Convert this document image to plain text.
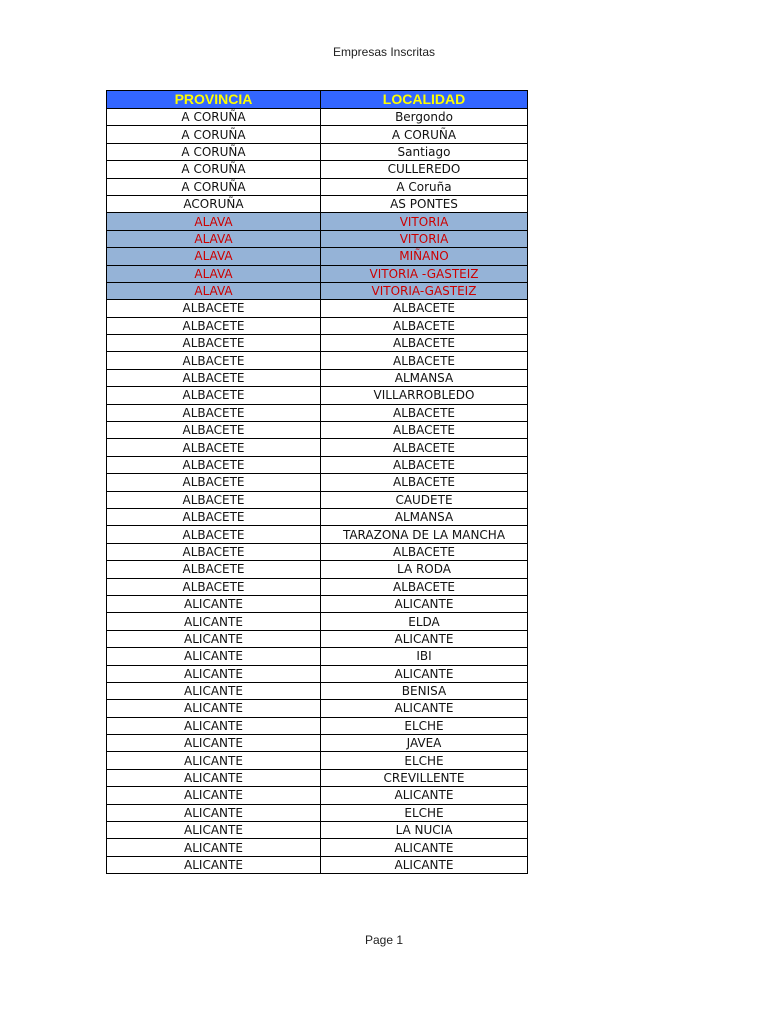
Empresas Inscritas
PROVINCIA	LOCALIDAD
A CORUÑA	Bergondo
A CORUÑA	A CORUÑA
A CORUÑA	Santiago
A CORUÑA	CULLEREDO
A CORUÑA	A Coruña
ACORUÑA	AS PONTES
ALAVA	VITORIA
ALAVA	VITORIA
ALAVA	MIÑANO
ALAVA	VITORIA -GASTEIZ
ALAVA	VITORIA-GASTEIZ
ALBACETE	ALBACETE
ALBACETE	ALBACETE
ALBACETE	ALBACETE
ALBACETE	ALBACETE
ALBACETE	ALMANSA
ALBACETE	VILLARROBLEDO
ALBACETE	ALBACETE
ALBACETE	ALBACETE
ALBACETE	ALBACETE
ALBACETE	ALBACETE
ALBACETE	ALBACETE
ALBACETE	CAUDETE
ALBACETE	ALMANSA
ALBACETE	TARAZONA DE LA MANCHA
ALBACETE	ALBACETE
ALBACETE	LA RODA
ALBACETE	ALBACETE
ALICANTE	ALICANTE
ALICANTE	ELDA
ALICANTE	ALICANTE
ALICANTE	IBI
ALICANTE	ALICANTE
ALICANTE	BENISA
ALICANTE	ALICANTE
ALICANTE	ELCHE
ALICANTE	JAVEA
ALICANTE	ELCHE
ALICANTE	CREVILLENTE
ALICANTE	ALICANTE
ALICANTE	ELCHE
ALICANTE	LA NUCIA
ALICANTE	ALICANTE
ALICANTE	ALICANTE
Page 1
